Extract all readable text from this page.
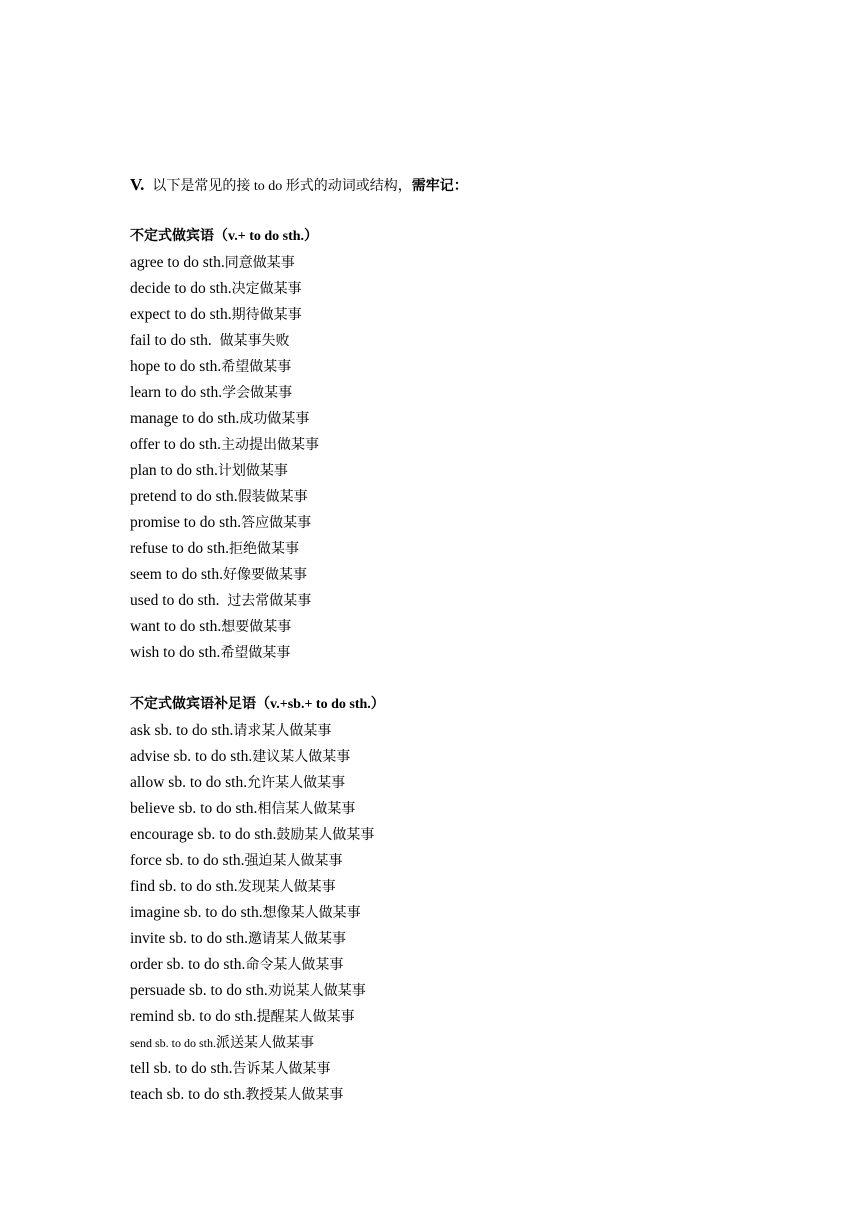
V. 以下是常见的接 to do 形式的动词或结构，需牢记：
不定式做宾语（v.+ to do sth.）
agree to do sth.同意做某事
decide to do sth.决定做某事
expect to do sth.期待做某事
fail to do sth.  做某事失败
hope to do sth.希望做某事
learn to do sth.学会做某事
manage to do sth.成功做某事
offer to do sth.主动提出做某事
plan to do sth.计划做某事
pretend to do sth.假装做某事
promise to do sth.答应做某事
refuse to do sth.拒绝做某事
seem to do sth.好像要做某事
used to do sth.  过去常做某事
want to do sth.想要做某事
wish to do sth.希望做某事
不定式做宾语补足语（v.+sb.+ to do sth.）
ask sb. to do sth.请求某人做某事
advise sb. to do sth.建议某人做某事
allow sb. to do sth.允许某人做某事
believe sb. to do sth.相信某人做某事
encourage sb. to do sth.鼓励某人做某事
force sb. to do sth.强迫某人做某事
find sb. to do sth.发现某人做某事
imagine sb. to do sth.想像某人做某事
invite sb. to do sth.邀请某人做某事
order sb. to do sth.命令某人做某事
persuade sb. to do sth.劝说某人做某事
remind sb. to do sth.提醒某人做某事
send sb. to do sth.派送某人做某事
tell sb. to do sth.告诉某人做某事
teach sb. to do sth.教授某人做某事
